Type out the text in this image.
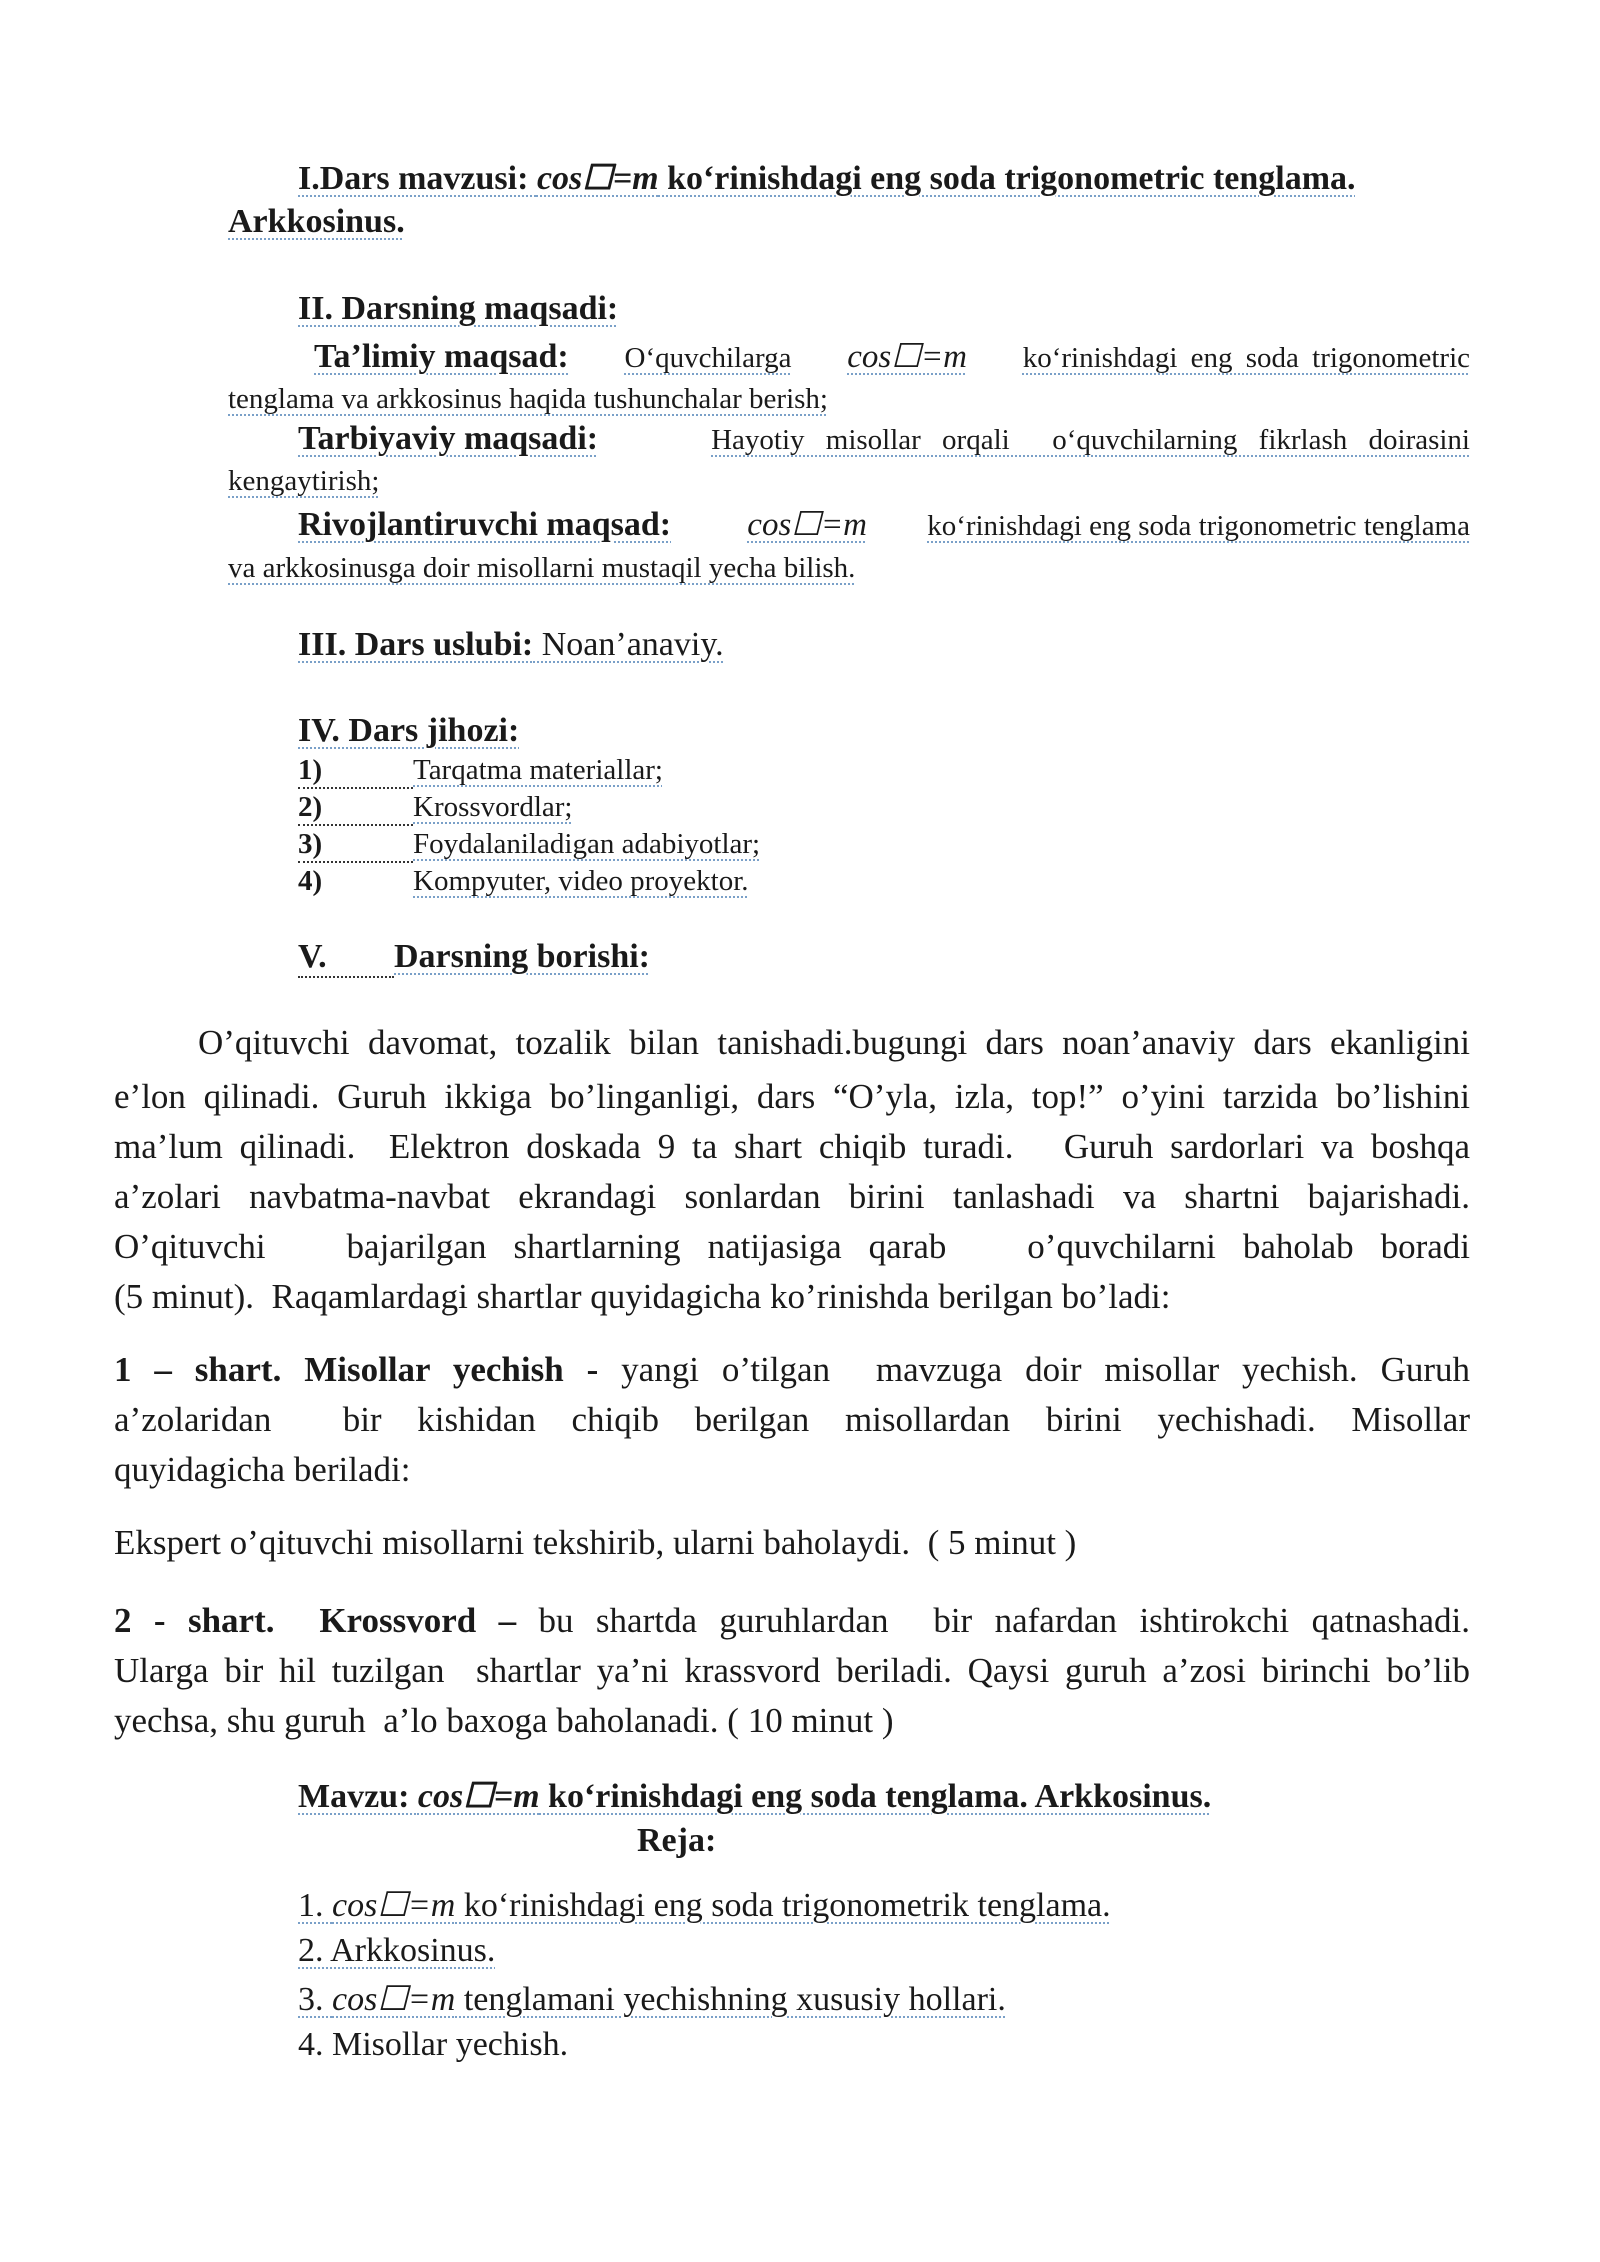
I.Dars mavzusi: cos☐=m ko‘rinishdagi eng soda trigonometric tenglama.
Arkkosinus.
II. Darsning maqsadi:
Ta’limiy maqsad: O‘quvchilarga cos☐=m ko‘rinishdagi eng soda trigonometric
tenglama va arkkosinus haqida tushunchalar berish;
Tarbiyaviy maqsadi:	Hayotiy misollar orqali  o‘quvchilarning fikrlash doirasini
kengaytirish;
Rivojlantiruvchi maqsad: cos☐=m ko‘rinishdagi eng soda trigonometric tenglama
va arkkosinusga doir misollarni mustaqil yecha bilish.
III. Dars uslubi: Noan’anaviy.
IV. Dars jihozi:
1)	Tarqatma materiallar;
2)	Krossvordlar;
3)	Foydalaniladigan adabiyotlar;
4)	Kompyuter, video proyektor.
V. Darsning borishi:
O’qituvchi davomat, tozalik bilan tanishadi.bugungi dars noan’anaviy dars ekanligini
e’lon qilinadi. Guruh ikkiga bo’linganligi, dars “O’yla, izla, top!” o’yini tarzida bo’lishini
ma’lum qilinadi.  Elektron doskada 9 ta shart chiqib turadi.   Guruh sardorlari va boshqa
a’zolari navbatma-navbat ekrandagi sonlardan birini tanlashadi va shartni bajarishadi.
O’qituvchi   bajarilgan shartlarning natijasiga qarab   o’quvchilarni baholab boradi
(5 minut).  Raqamlardagi shartlar quyidagicha ko’rinishda berilgan bo’ladi:
1 – shart. Misollar yechish - yangi o’tilgan  mavzuga doir misollar yechish. Guruh
a’zolaridan  bir kishidan chiqib berilgan misollardan birini yechishadi. Misollar
quyidagicha beriladi:
Ekspert o’qituvchi misollarni tekshirib, ularni baholaydi.  ( 5 minut )
2 - shart.  Krossvord – bu shartda guruhlardan  bir nafardan ishtirokchi qatnashadi.
Ularga bir hil tuzilgan  shartlar ya’ni krassvord beriladi. Qaysi guruh a’zosi birinchi bo’lib
yechsa, shu guruh  a’lo baxoga baholanadi. ( 10 minut )
Mavzu: cos☐=m ko‘rinishdagi eng soda tenglama. Arkkosinus.
Reja:
1. cos☐=m ko‘rinishdagi eng soda trigonometrik tenglama.
2. Arkkosinus.
3. cos☐=m tenglamani yechishning xususiy hollari.
4. Misollar yechish.
